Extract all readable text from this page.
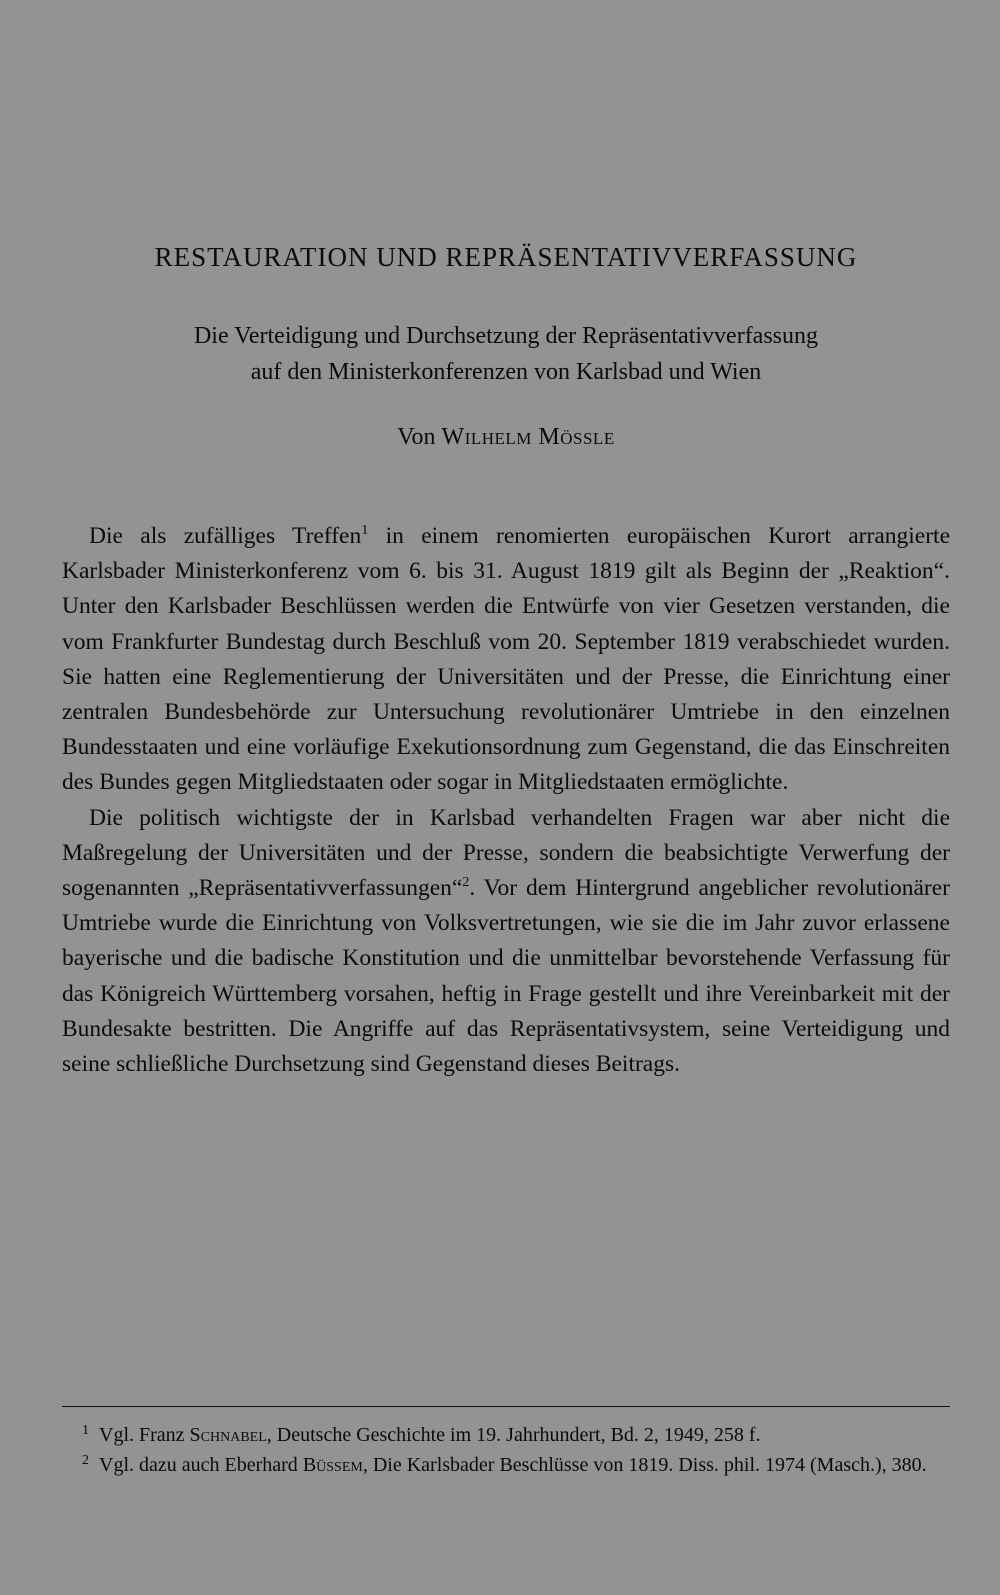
RESTAURATION UND REPRÄSENTATIVVERFASSUNG

Die Verteidigung und Durchsetzung der Repräsentativverfassung
auf den Ministerkonferenzen von Karlsbad und Wien

Von Wilhelm Mössle

Die als zufälliges Treffen$^1$ in einem renomierten europäischen Kurort arrangierte Karlsbader Ministerkonferenz vom 6. bis 31. August 1819 gilt als Beginn der „Reaktion“. Unter den Karlsbader Beschlüssen werden die Entwürfe von vier Gesetzen verstanden, die vom Frankfurter Bundestag durch Beschluß vom 20. September 1819 verabschiedet wurden. Sie hatten eine Reglementierung der Universitäten und der Presse, die Einrichtung einer zentralen Bundesbehörde zur Untersuchung revolutionärer Umtriebe in den einzelnen Bundesstaaten und eine vorläufige Exekutionsordnung zum Gegenstand, die das Einschreiten des Bundes gegen Mitgliedstaaten oder sogar in Mitgliedstaaten ermöglichte.

Die politisch wichtigste der in Karlsbad verhandelten Fragen war aber nicht die Maßregelung der Universitäten und der Presse, sondern die beabsichtigte Verwerfung der sogenannten „Repräsentativverfassungen“$^2$. Vor dem Hintergrund angeblicher revolutionärer Umtriebe wurde die Einrichtung von Volksvertretungen, wie sie die im Jahr zuvor erlassene bayerische und die badische Konstitution und die unmittelbar bevorstehende Verfassung für das Königreich Württemberg vorsahen, heftig in Frage gestellt und ihre Vereinbarkeit mit der Bundesakte bestritten. Die Angriffe auf das Repräsentativsystem, seine Verteidigung und seine schließliche Durchsetzung sind Gegenstand dieses Beitrags.

$^1$ Vgl. Franz Schnabel, Deutsche Geschichte im 19. Jahrhundert, Bd. 2, 1949, 258 f.

$^2$ Vgl. dazu auch Eberhard Büssem, Die Karlsbader Beschlüsse von 1819. Diss. phil. 1974 (Masch.), 380.
